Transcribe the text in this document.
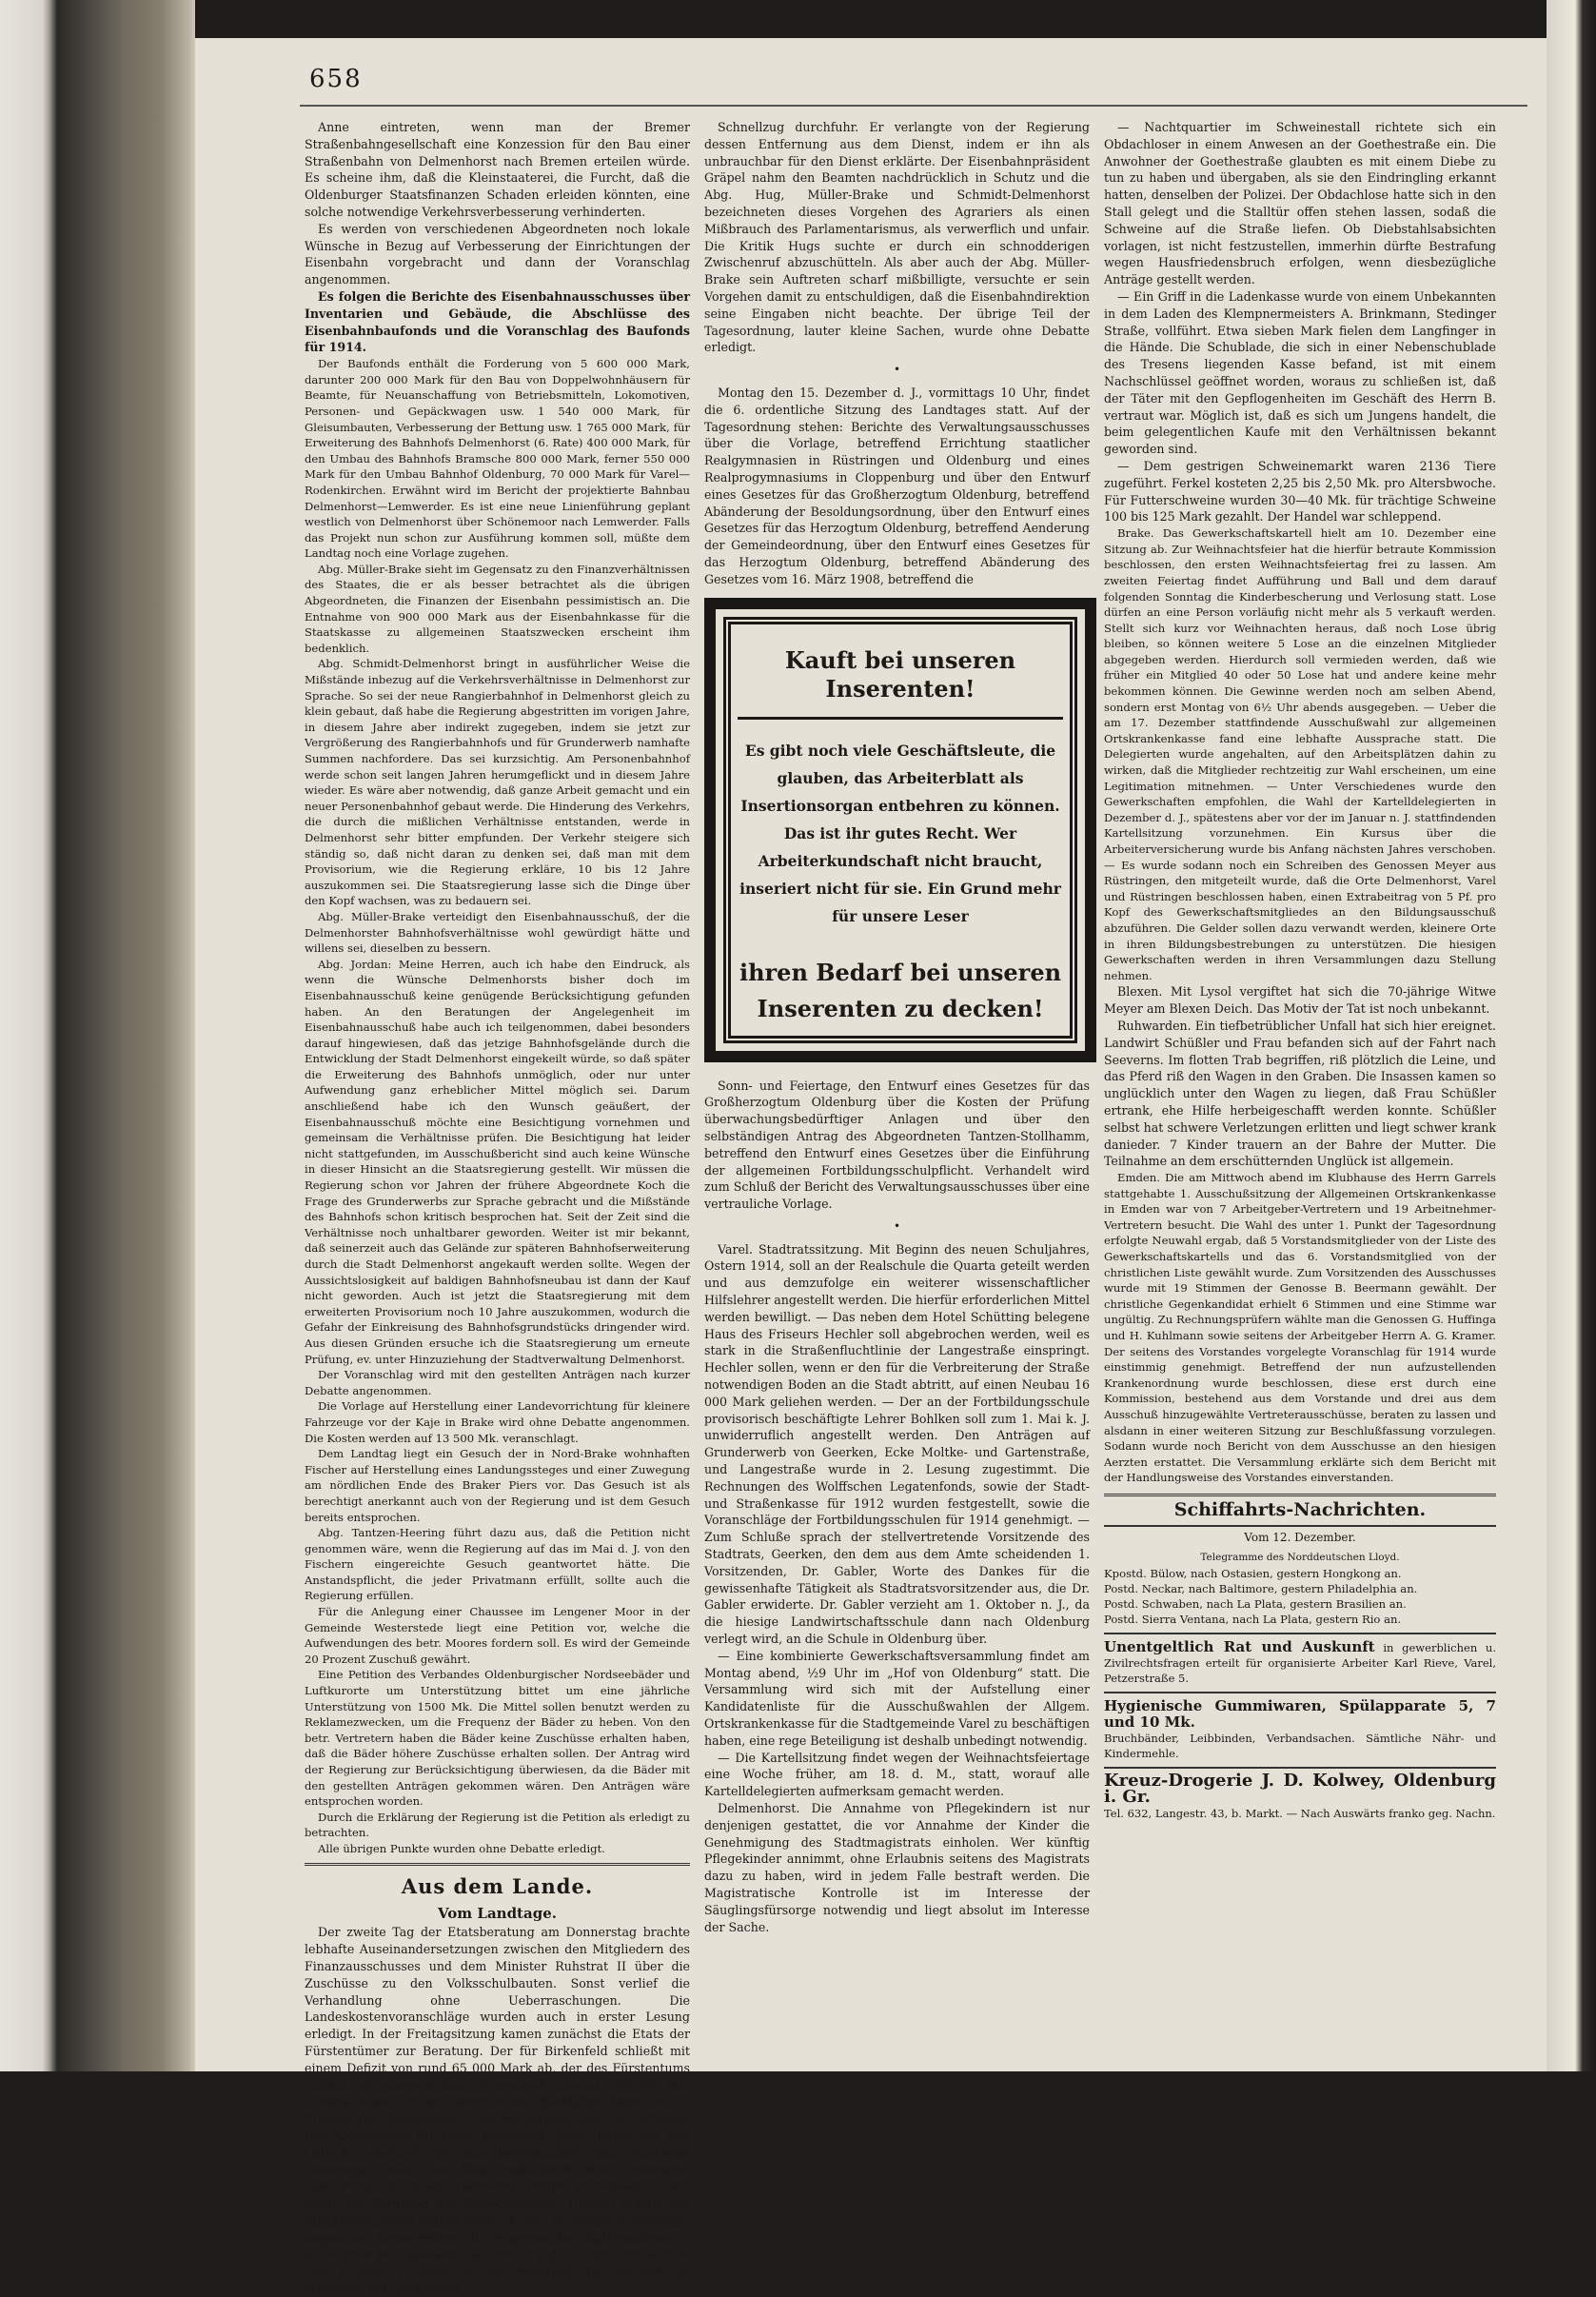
658

Anne eintreten, wenn man der Bremer Straßenbahngesellschaft eine Konzession für den Bau einer Straßenbahn von Delmenhorst nach Bremen erteilen würde. Es scheine ihm, daß die Kleinstaaterei, die Furcht, daß die Oldenburger Staatsfinanzen Schaden erleiden könnten, eine solche notwendige Verkehrsverbesserung verhinderten.

Es werden von verschiedenen Abgeordneten noch lokale Wünsche in Bezug auf Verbesserung der Einrichtungen der Eisenbahn vorgebracht und dann der Voranschlag angenommen.

Es folgen die Berichte des Eisenbahnausschusses über Inventarien und Gebäude, die Abschlüsse des Eisenbahnbaufonds und die Voranschlag des Baufonds für 1914.

Der Baufonds enthält die Forderung von 5 600 000 Mark, darunter 200 000 Mark für den Bau von Doppelwohnhäusern für Beamte, für Neuanschaffung von Betriebsmitteln, Lokomotiven, Personen- und Gepäckwagen usw. 1 540 000 Mark, für Gleisumbauten, Verbesserung der Bettung usw. 1 765 000 Mark, für Erweiterung des Bahnhofs Delmenhorst (6. Rate) 400 000 Mark, für den Umbau des Bahnhofs Bramsche 800 000 Mark, ferner 550 000 Mark für den Umbau Bahnhof Oldenburg, 70 000 Mark für Varel—Rodenkirchen. Erwähnt wird im Bericht der projektierte Bahnbau Delmenhorst—Lemwerder. Es ist eine neue Linienführung geplant westlich von Delmenhorst über Schönemoor nach Lemwerder. Falls das Projekt nun schon zur Ausführung kommen soll, müßte dem Landtag noch eine Vorlage zugehen.

Abg. Müller-Brake sieht im Gegensatz zu den Finanzverhältnissen des Staates, die er als besser betrachtet als die übrigen Abgeordneten, die Finanzen der Eisenbahn pessimistisch an. Die Entnahme von 900 000 Mark aus der Eisenbahnkasse für die Staatskasse zu allgemeinen Staatszwecken erscheint ihm bedenklich.

Abg. Schmidt-Delmenhorst bringt in ausführlicher Weise die Mißstände inbezug auf die Verkehrsverhältnisse in Delmenhorst zur Sprache. So sei der neue Rangierbahnhof in Delmenhorst gleich zu klein gebaut, daß habe die Regierung abgestritten im vorigen Jahre, in diesem Jahre aber indirekt zugegeben, indem sie jetzt zur Vergrößerung des Rangierbahnhofs und für Grunderwerb namhafte Summen nachfordere. Das sei kurzsichtig. Am Personenbahnhof werde schon seit langen Jahren herumgeflickt und in diesem Jahre wieder. Es wäre aber notwendig, daß ganze Arbeit gemacht und ein neuer Personenbahnhof gebaut werde. Die Hinderung des Verkehrs, die durch die mißlichen Verhältnisse entstanden, werde in Delmenhorst sehr bitter empfunden. Der Verkehr steigere sich ständig so, daß nicht daran zu denken sei, daß man mit dem Provisorium, wie die Regierung erkläre, 10 bis 12 Jahre auszukommen sei. Die Staatsregierung lasse sich die Dinge über den Kopf wachsen, was zu bedauern sei.

Abg. Müller-Brake verteidigt den Eisenbahnausschuß, der die Delmenhorster Bahnhofsverhältnisse wohl gewürdigt hätte und willens sei, dieselben zu bessern.

Abg. Jordan: Meine Herren, auch ich habe den Eindruck, als wenn die Wünsche Delmenhorsts bisher doch im Eisenbahnausschuß keine genügende Berücksichtigung gefunden haben. An den Beratungen der Angelegenheit im Eisenbahnausschuß habe auch ich teilgenommen, dabei besonders darauf hingewiesen, daß das jetzige Bahnhofsgelände durch die Entwicklung der Stadt Delmenhorst eingekeilt würde, so daß später die Erweiterung des Bahnhofs unmöglich, oder nur unter Aufwendung ganz erheblicher Mittel möglich sei. Darum anschließend habe ich den Wunsch geäußert, der Eisenbahnausschuß möchte eine Besichtigung vornehmen und gemeinsam die Verhältnisse prüfen. Die Besichtigung hat leider nicht stattgefunden, im Ausschußbericht sind auch keine Wünsche in dieser Hinsicht an die Staatsregierung gestellt. Wir müssen die Regierung schon vor Jahren der frühere Abgeordnete Koch die Frage des Grunderwerbs zur Sprache gebracht und die Mißstände des Bahnhofs schon kritisch besprochen hat. Seit der Zeit sind die Verhältnisse noch unhaltbarer geworden. Weiter ist mir bekannt, daß seinerzeit auch das Gelände zur späteren Bahnhofserweiterung durch die Stadt Delmenhorst angekauft werden sollte. Wegen der Aussichtslosigkeit auf baldigen Bahnhofsneubau ist dann der Kauf nicht geworden. Auch ist jetzt die Staatsregierung mit dem erweiterten Provisorium noch 10 Jahre auszukommen, wodurch die Gefahr der Einkreisung des Bahnhofsgrundstücks dringender wird. Aus diesen Gründen ersuche ich die Staatsregierung um erneute Prüfung, ev. unter Hinzuziehung der Stadtverwaltung Delmenhorst.

Der Voranschlag wird mit den gestellten Anträgen nach kurzer Debatte angenommen.

Die Vorlage auf Herstellung einer Landevorrichtung für kleinere Fahrzeuge vor der Kaje in Brake wird ohne Debatte angenommen. Die Kosten werden auf 13 500 Mk. veranschlagt.

Dem Landtag liegt ein Gesuch der in Nord-Brake wohnhaften Fischer auf Herstellung eines Landungssteges und einer Zuwegung am nördlichen Ende des Braker Piers vor. Das Gesuch ist als berechtigt anerkannt auch von der Regierung und ist dem Gesuch bereits entsprochen.

Abg. Tantzen-Heering führt dazu aus, daß die Petition nicht genommen wäre, wenn die Regierung auf das im Mai d. J. von den Fischern eingereichte Gesuch geantwortet hätte. Die Anstandspflicht, die jeder Privatmann erfüllt, sollte auch die Regierung erfüllen.

Für die Anlegung einer Chaussee im Lengener Moor in der Gemeinde Westerstede liegt eine Petition vor, welche die Aufwendungen des betr. Moores fordern soll. Es wird der Gemeinde 20 Prozent Zuschuß gewährt.

Eine Petition des Verbandes Oldenburgischer Nordseebäder und Luftkurorte um Unterstützung bittet um eine jährliche Unterstützung von 1500 Mk. Die Mittel sollen benutzt werden zu Reklamezwecken, um die Frequenz der Bäder zu heben. Von den betr. Vertretern haben die Bäder keine Zuschüsse erhalten haben, daß die Bäder höhere Zuschüsse erhalten sollen. Der Antrag wird der Regierung zur Berücksichtigung überwiesen, da die Bäder mit den gestellten Anträgen gekommen wären. Den Anträgen wäre entsprochen worden.

Durch die Erklärung der Regierung ist die Petition als erledigt zu betrachten.

Alle übrigen Punkte wurden ohne Debatte erledigt.

Aus dem Lande.
Vom Landtage.

Der zweite Tag der Etatsberatung am Donnerstag brachte lebhafte Auseinandersetzungen zwischen den Mitgliedern des Finanzausschusses und dem Minister Ruhstrat II über die Zuschüsse zu den Volksschulbauten. Sonst verlief die Verhandlung ohne Ueberraschungen. Die Landeskostenvoranschläge wurden auch in erster Lesung erledigt. In der Freitagsitzung kamen zunächst die Etats der Fürstentümer zur Beratung. Der für Birkenfeld schließt mit einem Defizit von rund 65 000 Mark ab, der des Fürstentums Lübeck mit einem großen Ueberschuß, nämlich 300 000 Mk. Lübeck ist seit einigen Jahren in der glücklichen Lage, nur 25 Prozent der Einkommen- und Vermögenssteuer zu erheben. Der Abgeordnete für Eutin, Steenbock, weist darauf hin, daß Lübeck seinerzeit den Eisenbahnhaushalt dem Staatsetat übertragen habe. Der Staat habe auch dem Fürstentum Lübeck hat, in einem rascheren Tempo vorzugehen. Dann folgte die Beratung des Eisenbahnetats. Hierbei erklärt der Agrarierhäuptling Müller-Rußhorn eine verfängliche Stäupung wegen der Denunziation, die er gegen den Stationswärter in Schierbrok fich geleistet hat, der er jedoch nicht mit seinem Haß verfolgt. Er habe nur das verkannt, die Schranke zu schließen, als der Bremer

Schnellzug durchfuhr. Er verlangte von der Regierung dessen Entfernung aus dem Dienst, indem er ihn als unbrauchbar für den Dienst erklärte. Der Eisenbahnpräsident Gräpel nahm den Beamten nachdrücklich in Schutz und die Abg. Hug, Müller-Brake und Schmidt-Delmenhorst bezeichneten dieses Vorgehen des Agrariers als einen Mißbrauch des Parlamentarismus, als verwerflich und unfair. Die Kritik Hugs suchte er durch ein schnodderigen Zwischenruf abzuschütteln. Als aber auch der Abg. Müller-Brake sein Auftreten scharf mißbilligte, versuchte er sein Vorgehen damit zu entschuldigen, daß die Eisenbahndirektion seine Eingaben nicht beachte. Der übrige Teil der Tagesordnung, lauter kleine Sachen, wurde ohne Debatte erledigt.

•

Montag den 15. Dezember d. J., vormittags 10 Uhr, findet die 6. ordentliche Sitzung des Landtages statt. Auf der Tagesordnung stehen: Berichte des Verwaltungsausschusses über die Vorlage, betreffend Errichtung staatlicher Realgymnasien in Rüstringen und Oldenburg und eines Realprogymnasiums in Cloppenburg und über den Entwurf eines Gesetzes für das Großherzogtum Oldenburg, betreffend Abänderung der Besoldungsordnung, über den Entwurf eines Gesetzes für das Herzogtum Oldenburg, betreffend Aenderung der Gemeindeordnung, über den Entwurf eines Gesetzes für das Herzogtum Oldenburg, betreffend Abänderung des Gesetzes vom 16. März 1908, betreffend die

Kauft bei unseren Inserenten!
Es gibt noch viele Geschäftsleute, die glauben, das Arbeiterblatt als Insertionsorgan entbehren zu können. Das ist ihr gutes Recht. Wer Arbeiterkundschaft nicht braucht, inseriert nicht für sie. Ein Grund mehr für unsere Leser
ihren Bedarf bei unseren Inserenten zu decken!

Sonn- und Feiertage, den Entwurf eines Gesetzes für das Großherzogtum Oldenburg über die Kosten der Prüfung überwachungsbedürftiger Anlagen und über den selbständigen Antrag des Abgeordneten Tantzen-Stollhamm, betreffend den Entwurf eines Gesetzes über die Einführung der allgemeinen Fortbildungsschulpflicht. Verhandelt wird zum Schluß der Bericht des Verwaltungsausschusses über eine vertrauliche Vorlage.

•

Varel. Stadtratssitzung. Mit Beginn des neuen Schuljahres, Ostern 1914, soll an der Realschule die Quarta geteilt werden und aus demzufolge ein weiterer wissenschaftlicher Hilfslehrer angestellt werden. Die hierfür erforderlichen Mittel werden bewilligt. — Das neben dem Hotel Schütting belegene Haus des Friseurs Hechler soll abgebrochen werden, weil es stark in die Straßenfluchtlinie der Langestraße einspringt. Hechler sollen, wenn er den für die Verbreiterung der Straße notwendigen Boden an die Stadt abtritt, auf einen Neubau 16 000 Mark geliehen werden. — Der an der Fortbildungsschule provisorisch beschäftigte Lehrer Bohlken soll zum 1. Mai k. J. unwiderruflich angestellt werden. Den Anträgen auf Grunderwerb von Geerken, Ecke Moltke- und Gartenstraße, und Langestraße wurde in 2. Lesung zugestimmt. Die Rechnungen des Wolffschen Legatenfonds, sowie der Stadt- und Straßenkasse für 1912 wurden festgestellt, sowie die Voranschläge der Fortbildungsschulen für 1914 genehmigt. — Zum Schluße sprach der stellvertretende Vorsitzende des Stadtrats, Geerken, den dem aus dem Amte scheidenden 1. Vorsitzenden, Dr. Gabler, Worte des Dankes für die gewissenhafte Tätigkeit als Stadtratsvorsitzender aus, die Dr. Gabler erwiderte. Dr. Gabler verzieht am 1. Oktober n. J., da die hiesige Landwirtschaftsschule dann nach Oldenburg verlegt wird, an die Schule in Oldenburg über.

— Eine kombinierte Gewerkschaftsversammlung findet am Montag abend, ½9 Uhr im „Hof von Oldenburg“ statt. Die Versammlung wird sich mit der Aufstellung einer Kandidatenliste für die Ausschußwahlen der Allgem. Ortskrankenkasse für die Stadtgemeinde Varel zu beschäftigen haben, eine rege Beteiligung ist deshalb unbedingt notwendig.

— Die Kartellsitzung findet wegen der Weihnachtsfeiertage eine Woche früher, am 18. d. M., statt, worauf alle Kartelldelegierten aufmerksam gemacht werden.

Delmenhorst. Die Annahme von Pflegekindern ist nur denjenigen gestattet, die vor Annahme der Kinder die Genehmigung des Stadtmagistrats einholen. Wer künftig Pflegekinder annimmt, ohne Erlaubnis seitens des Magistrats dazu zu haben, wird in jedem Falle bestraft werden. Die Magistratische Kontrolle ist im Interesse der Säuglingsfürsorge notwendig und liegt absolut im Interesse der Sache.

— Nachtquartier im Schweinestall richtete sich ein Obdachloser in einem Anwesen an der Goethestraße ein. Die Anwohner der Goethestraße glaubten es mit einem Diebe zu tun zu haben und übergaben, als sie den Eindringling erkannt hatten, denselben der Polizei. Der Obdachlose hatte sich in den Stall gelegt und die Stalltür offen stehen lassen, sodaß die Schweine auf die Straße liefen. Ob Diebstahlsabsichten vorlagen, ist nicht festzustellen, immerhin dürfte Bestrafung wegen Hausfriedensbruch erfolgen, wenn diesbezügliche Anträge gestellt werden.

— Ein Griff in die Ladenkasse wurde von einem Unbekannten in dem Laden des Klempnermeisters A. Brinkmann, Stedinger Straße, vollführt. Etwa sieben Mark fielen dem Langfinger in die Hände. Die Schublade, die sich in einer Nebenschublade des Tresens liegenden Kasse befand, ist mit einem Nachschlüssel geöffnet worden, woraus zu schließen ist, daß der Täter mit den Gepflogenheiten im Geschäft des Herrn B. vertraut war. Möglich ist, daß es sich um Jungens handelt, die beim gelegentlichen Kaufe mit den Verhältnissen bekannt geworden sind.

— Dem gestrigen Schweinemarkt waren 2136 Tiere zugeführt. Ferkel kosteten 2,25 bis 2,50 Mk. pro Altersbwoche. Für Futterschweine wurden 30—40 Mk. für trächtige Schweine 100 bis 125 Mark gezahlt. Der Handel war schleppend.

Brake. Das Gewerkschaftskartell hielt am 10. Dezember eine Sitzung ab. Zur Weihnachtsfeier hat die hierfür betraute Kommission beschlossen, den ersten Weihnachtsfeiertag frei zu lassen. Am zweiten Feiertag findet Aufführung und Ball und dem darauf folgenden Sonntag die Kinderbescherung und Verlosung statt. Lose dürfen an eine Person vorläufig nicht mehr als 5 verkauft werden. Stellt sich kurz vor Weihnachten heraus, daß noch Lose übrig bleiben, so können weitere 5 Lose an die einzelnen Mitglieder abgegeben werden. Hierdurch soll vermieden werden, daß wie früher ein Mitglied 40 oder 50 Lose hat und andere keine mehr bekommen können. Die Gewinne werden noch am selben Abend, sondern erst Montag von 6½ Uhr abends ausgegeben. — Ueber die am 17. Dezember stattfindende Ausschußwahl zur allgemeinen Ortskrankenkasse fand eine lebhafte Aussprache statt. Die Delegierten wurde angehalten, auf den Arbeitsplätzen dahin zu wirken, daß die Mitglieder rechtzeitig zur Wahl erscheinen, um eine Legitimation mitnehmen. — Unter Verschiedenes wurde den Gewerkschaften empfohlen, die Wahl der Kartelldelegierten in Dezember d. J., spätestens aber vor der im Januar n. J. stattfindenden Kartellsitzung vorzunehmen. Ein Kursus über die Arbeiterversicherung wurde bis Anfang nächsten Jahres verschoben. — Es wurde sodann noch ein Schreiben des Genossen Meyer aus Rüstringen, den mitgeteilt wurde, daß die Orte Delmenhorst, Varel und Rüstringen beschlossen haben, einen Extrabeitrag von 5 Pf. pro Kopf des Gewerkschaftsmitgliedes an den Bildungsausschuß abzuführen. Die Gelder sollen dazu verwandt werden, kleinere Orte in ihren Bildungsbestrebungen zu unterstützen. Die hiesigen Gewerkschaften werden in ihren Versammlungen dazu Stellung nehmen.

Blexen. Mit Lysol vergiftet hat sich die 70-jährige Witwe Meyer am Blexen Deich. Das Motiv der Tat ist noch unbekannt.

Ruhwarden. Ein tiefbetrüblicher Unfall hat sich hier ereignet. Landwirt Schüßler und Frau befanden sich auf der Fahrt nach Seeverns. Im flotten Trab begriffen, riß plötzlich die Leine, und das Pferd riß den Wagen in den Graben. Die Insassen kamen so unglücklich unter den Wagen zu liegen, daß Frau Schüßler ertrank, ehe Hilfe herbeigeschafft werden konnte. Schüßler selbst hat schwere Verletzungen erlitten und liegt schwer krank danieder. 7 Kinder trauern an der Bahre der Mutter. Die Teilnahme an dem erschütternden Unglück ist allgemein.

Emden. Die am Mittwoch abend im Klubhause des Herrn Garrels stattgehabte 1. Ausschußsitzung der Allgemeinen Ortskrankenkasse in Emden war von 7 Arbeitgeber-Vertretern und 19 Arbeitnehmer-Vertretern besucht. Die Wahl des unter 1. Punkt der Tagesordnung erfolgte Neuwahl ergab, daß 5 Vorstandsmitglieder von der Liste des Gewerkschaftskartells und das 6. Vorstandsmitglied von der christlichen Liste gewählt wurde. Zum Vorsitzenden des Ausschusses wurde mit 19 Stimmen der Genosse B. Beermann gewählt. Der christliche Gegenkandidat erhielt 6 Stimmen und eine Stimme war ungültig. Zu Rechnungsprüfern wählte man die Genossen G. Huffinga und H. Kuhlmann sowie seitens der Arbeitgeber Herrn A. G. Kramer. Der seitens des Vorstandes vorgelegte Voranschlag für 1914 wurde einstimmig genehmigt. Betreffend der nun aufzustellenden Krankenordnung wurde beschlossen, diese erst durch eine Kommission, bestehend aus dem Vorstande und drei aus dem Ausschuß hinzugewählte Vertreterausschüsse, beraten zu lassen und alsdann in einer weiteren Sitzung zur Beschlußfassung vorzulegen. Sodann wurde noch Bericht von dem Ausschusse an den hiesigen Aerzten erstattet. Die Versammlung erklärte sich dem Bericht mit der Handlungsweise des Vorstandes einverstanden.

Schiffahrts-Nachrichten.
Vom 12. Dezember.
Telegramme des Norddeutschen Lloyd.
Kpostd. Bülow, nach Ostasien, gestern Hongkong an.
Postd. Neckar, nach Baltimore, gestern Philadelphia an.
Postd. Schwaben, nach La Plata, gestern Brasilien an.
Postd. Sierra Ventana, nach La Plata, gestern Rio an.
Unentgeltlich Rat und Auskunft in gewerblichen u. Zivilrechtsfragen erteilt für organisierte Arbeiter Karl Rieve, Varel, Petzerstraße 5.
Hygienische Gummiwaren, Spülapparate 5, 7 und 10 Mk.
Bruchbänder, Leibbinden, Verbandsachen. Sämtliche Nähr- und Kindermehle.
Kreuz-Drogerie J. D. Kolwey, Oldenburg i. Gr.
Tel. 632, Langestr. 43, b. Markt. — Nach Auswärts franko geg. Nachn.
